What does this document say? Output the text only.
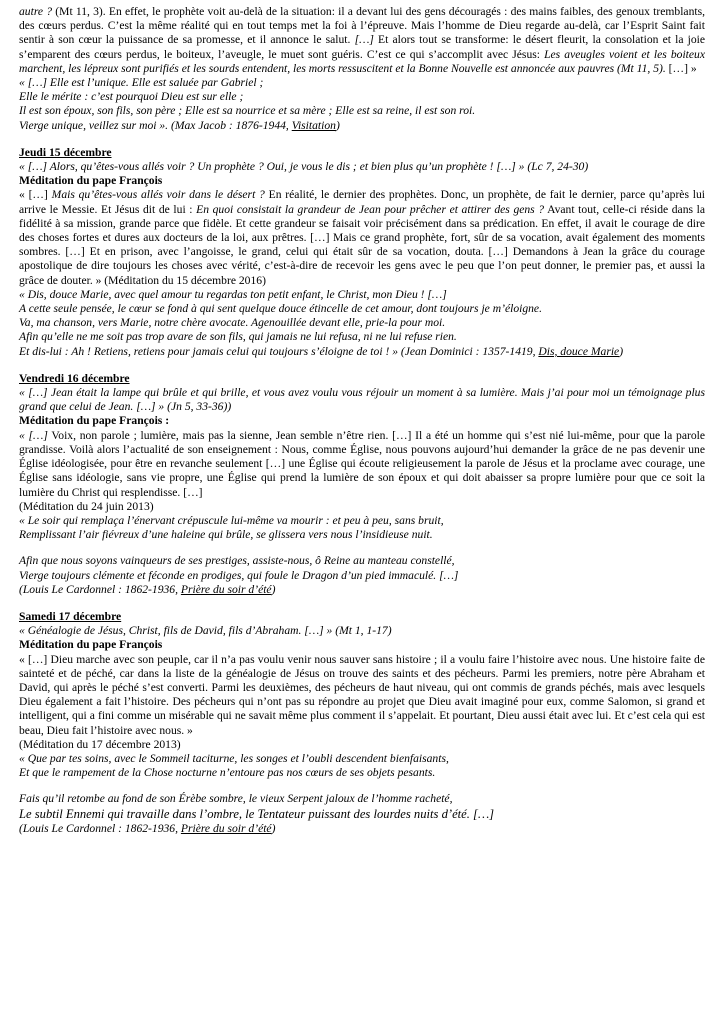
autre ? (Mt 11, 3). En effet, le prophète voit au-delà de la situation: il a devant lui des gens découragés : des mains faibles, des genoux tremblants, des cœurs perdus. C’est la même réalité qui en tout temps met la foi à l’épreuve. Mais l’homme de Dieu regarde au-delà, car l’Esprit Saint fait sentir à son cœur la puissance de sa promesse, et il annonce le salut. […] Et alors tout se transforme: le désert fleurit, la consolation et la joie s’emparent des cœurs perdus, le boiteux, l’aveugle, le muet sont guéris. C’est ce qui s’accomplit avec Jésus: Les aveugles voient et les boiteux marchent, les lépreux sont purifiés et les sourds entendent, les morts ressuscitent et la Bonne Nouvelle est annoncée aux pauvres (Mt 11, 5). […] »

« […] Elle est l’unique. Elle est saluée par Gabriel ;

Elle le mérite : c’est pourquoi Dieu est sur elle ;

Il est son époux, son fils, son père ; Elle est sa nourrice et sa mère ; Elle est sa reine, il est son roi.

Vierge unique, veillez sur moi ». (Max Jacob : 1876-1944, Visitation)

Jeudi 15 décembre

« […] Alors, qu’êtes-vous allés voir ? Un prophète ? Oui, je vous le dis ; et bien plus qu’un prophète ! […] » (Lc 7, 24-30)

Méditation du pape François

« […] Mais qu’êtes-vous allés voir dans le désert ? En réalité, le dernier des prophètes. Donc, un prophète, de fait le dernier, parce qu’après lui arrive le Messie. Et Jésus dit de lui : En quoi consistait la grandeur de Jean pour prêcher et attirer des gens ? Avant tout, celle-ci réside dans la fidélité à sa mission, grande parce que fidèle. Et cette grandeur se faisait voir précisément dans sa prédication. En effet, il avait le courage de dire des choses fortes et dures aux docteurs de la loi, aux prêtres. […] Mais ce grand prophète, fort, sûr de sa vocation, avait également des moments sombres. […] Et en prison, avec l’angoisse, le grand, celui qui était sûr de sa vocation, douta. […] Demandons à Jean la grâce du courage apostolique de dire toujours les choses avec vérité, c’est-à-dire de recevoir les gens avec le peu que l’on peut donner, le premier pas, et aussi la grâce de douter. » (Méditation du 15 décembre 2016)

« Dis, douce Marie, avec quel amour tu regardas ton petit enfant, le Christ, mon Dieu ! […]

A cette seule pensée, le cœur se fond à qui sent quelque douce étincelle de cet amour, dont toujours je m’éloigne.

Va, ma chanson, vers Marie, notre chère avocate. Agenouillée devant elle, prie-la pour moi.

Afin qu’elle ne me soit pas trop avare de son fils, qui jamais ne lui refusa, ni ne lui refuse rien.

Et dis-lui : Ah ! Retiens, retiens pour jamais celui qui toujours s’éloigne de toi ! » (Jean Dominici : 1357-1419, Dis, douce Marie)

Vendredi 16 décembre

« […] Jean était la lampe qui brûle et qui brille, et vous avez voulu vous réjouir un moment à sa lumière. Mais j’ai pour moi un témoignage plus grand que celui de Jean. […] » (Jn 5, 33-36))

Méditation du pape François :

« […] Voix, non parole ; lumière, mais pas la sienne, Jean semble n’être rien. […] Il a été un homme qui s’est nié lui-même, pour que la parole grandisse. Voilà alors l’actualité de son enseignement : Nous, comme Église, nous pouvons aujourd’hui demander la grâce de ne pas devenir une Église idéologisée, pour être en revanche seulement […] une Église qui écoute religieusement la parole de Jésus et la proclame avec courage, une Église sans idéologie, sans vie propre, une Église qui prend la lumière de son époux et qui doit abaisser sa propre lumière pour que ce soit la lumière du Christ qui resplendisse. […]

(Méditation du 24 juin 2013)

« Le soir qui remplaça l’énervant crépuscule lui-même va mourir : et peu à peu, sans bruit,

Remplissant l’air fiévreux d’une haleine qui brûle, se glissera vers nous l’insidieuse nuit.

Afin que nous soyons vainqueurs de ses prestiges, assiste-nous, ô Reine au manteau constellé,

Vierge toujours clémente et féconde en prodiges, qui foule le Dragon d’un pied immaculé. […]

(Louis Le Cardonnel : 1862-1936, Prière du soir d’été)

Samedi 17 décembre

« Généalogie de Jésus, Christ, fils de David, fils d’Abraham. […] » (Mt 1, 1-17)

Méditation du pape François

« […] Dieu marche avec son peuple, car il n’a pas voulu venir nous sauver sans histoire ; il a voulu faire l’histoire avec nous. Une histoire faite de sainteté et de péché, car dans la liste de la généalogie de Jésus on trouve des saints et des pécheurs. Parmi les premiers, notre père Abraham et David, qui après le péché s’est converti. Parmi les deuxièmes, des pécheurs de haut niveau, qui ont commis de grands péchés, mais avec lesquels Dieu également a fait l’histoire. Des pécheurs qui n’ont pas su répondre au projet que Dieu avait imaginé pour eux, comme Salomon, si grand et intelligent, qui a fini comme un misérable qui ne savait même plus comment il s’appelait. Et pourtant, Dieu aussi était avec lui. Et c’est cela qui est beau, Dieu fait l’histoire avec nous. »

(Méditation du 17 décembre 2013)

« Que par tes soins, avec le Sommeil taciturne, les songes et l’oubli descendent bienfaisants,

Et que le rampement de la Chose nocturne n’entoure pas nos cœurs de ses objets pesants.

Fais qu’il retombe au fond de son Érèbe sombre, le vieux Serpent jaloux de l’homme racheté,

Le subtil Ennemi qui travaille dans l’ombre, le Tentateur puissant des lourdes nuits d’été. […]

(Louis Le Cardonnel : 1862-1936, Prière du soir d’été)
